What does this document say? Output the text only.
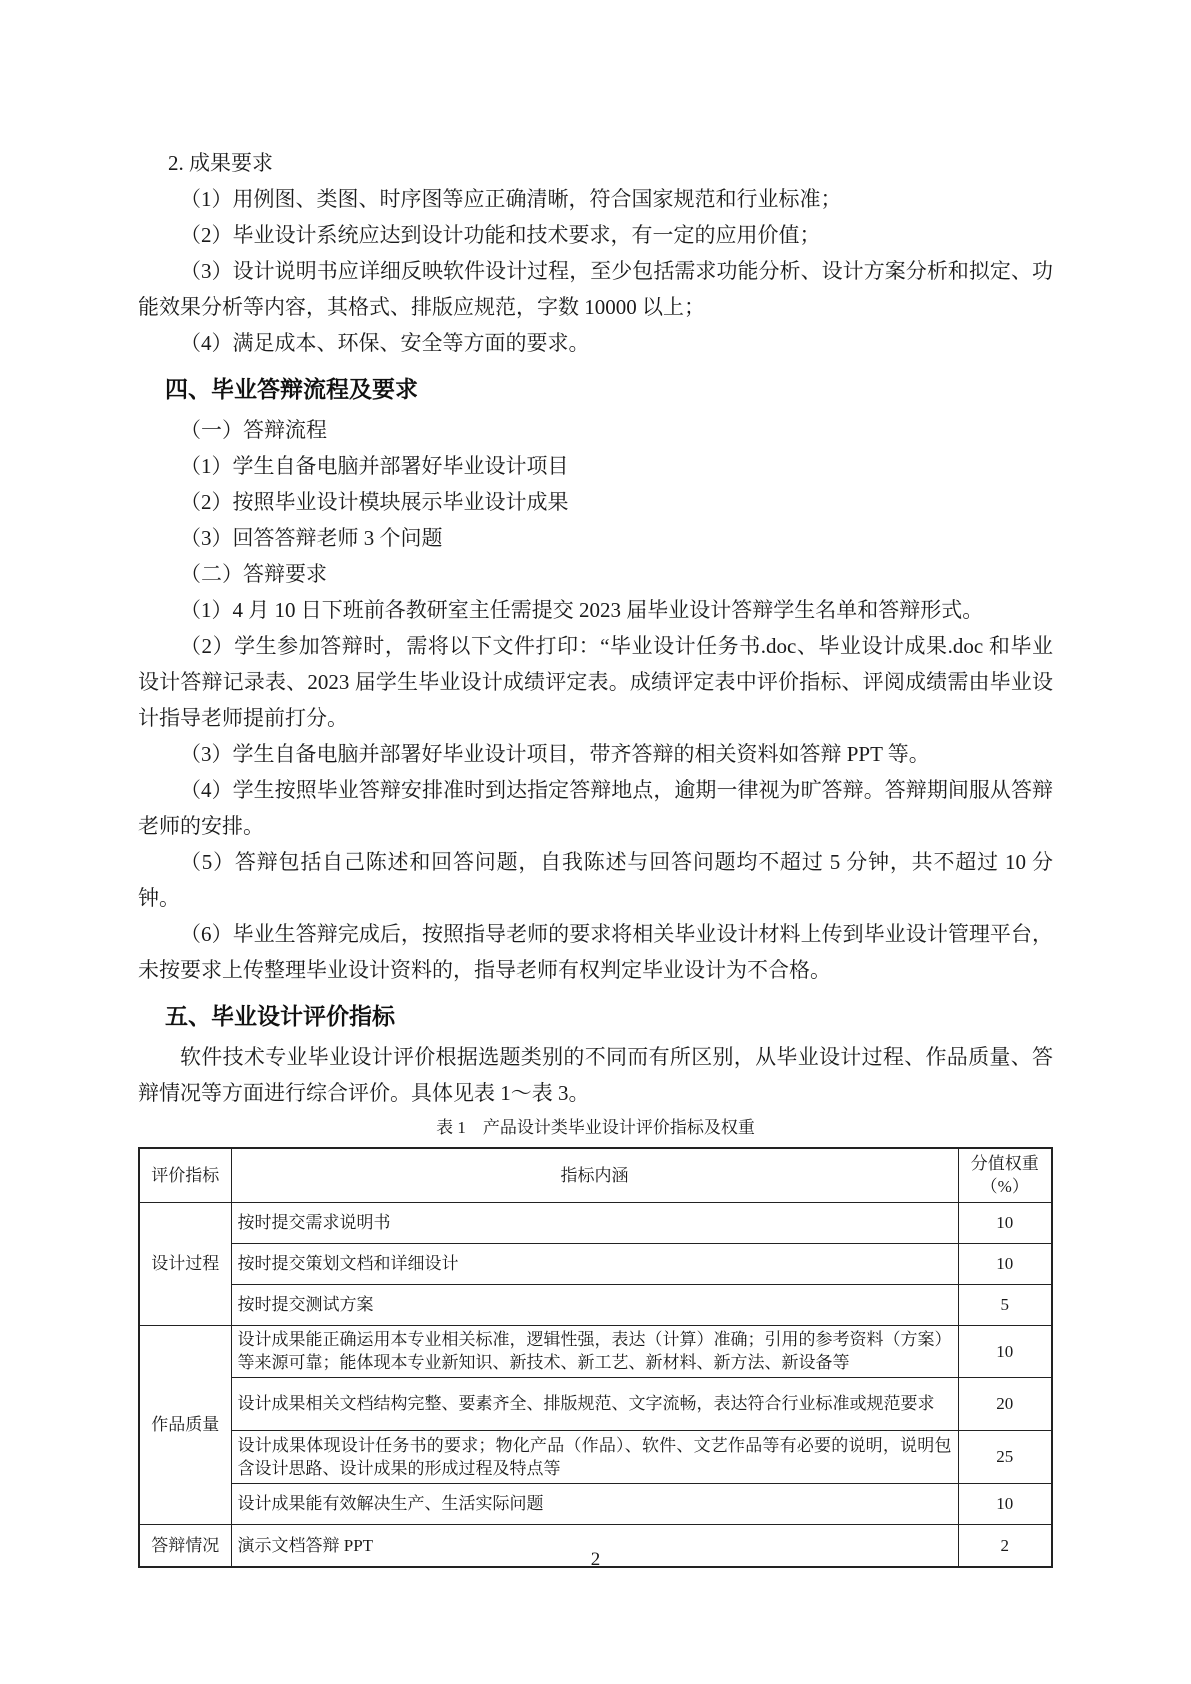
2. 成果要求

（1）用例图、类图、时序图等应正确清晰，符合国家规范和行业标准；

（2）毕业设计系统应达到设计功能和技术要求，有一定的应用价值；

（3）设计说明书应详细反映软件设计过程，至少包括需求功能分析、设计方案分析和拟定、功能效果分析等内容，其格式、排版应规范，字数 10000 以上；

（4）满足成本、环保、安全等方面的要求。

四、毕业答辩流程及要求

（一）答辩流程

（1）学生自备电脑并部署好毕业设计项目

（2）按照毕业设计模块展示毕业设计成果

（3）回答答辩老师 3 个问题

（二）答辩要求

（1）4 月 10 日下班前各教研室主任需提交 2023 届毕业设计答辩学生名单和答辩形式。

（2）学生参加答辩时，需将以下文件打印：“毕业设计任务书.doc、毕业设计成果.doc 和毕业设计答辩记录表、2023 届学生毕业设计成绩评定表。成绩评定表中评价指标、评阅成绩需由毕业设计指导老师提前打分。

（3）学生自备电脑并部署好毕业设计项目，带齐答辩的相关资料如答辩 PPT 等。

（4）学生按照毕业答辩安排准时到达指定答辩地点，逾期一律视为旷答辩。答辩期间服从答辩老师的安排。

（5）答辩包括自己陈述和回答问题，自我陈述与回答问题均不超过 5 分钟，共不超过 10 分钟。

（6）毕业生答辩完成后，按照指导老师的要求将相关毕业设计材料上传到毕业设计管理平台，未按要求上传整理毕业设计资料的，指导老师有权判定毕业设计为不合格。

五、毕业设计评价指标

软件技术专业毕业设计评价根据选题类别的不同而有所区别，从毕业设计过程、作品质量、答辩情况等方面进行综合评价。具体见表 1～表 3。

表 1　产品设计类毕业设计评价指标及权重
评价指标	指标内涵	分值权重
（%）

设计过程	按时提交需求说明书	10
	按时提交策划文档和详细设计	10
	按时提交测试方案	5
作品质量	设计成果能正确运用本专业相关标准，逻辑性强，表达（计算）准确；引用的参考资料（方案）等来源可靠；能体现本专业新知识、新技术、新工艺、新材料、新方法、新设备等	10
	设计成果相关文档结构完整、要素齐全、排版规范、文字流畅，表达符合行业标准或规范要求	20
	设计成果体现设计任务书的要求；物化产品（作品）、软件、文艺作品等有必要的说明，说明包含设计思路、设计成果的形成过程及特点等	25
	设计成果能有效解决生产、生活实际问题	10
答辩情况	演示文档答辩 PPT	2
2
